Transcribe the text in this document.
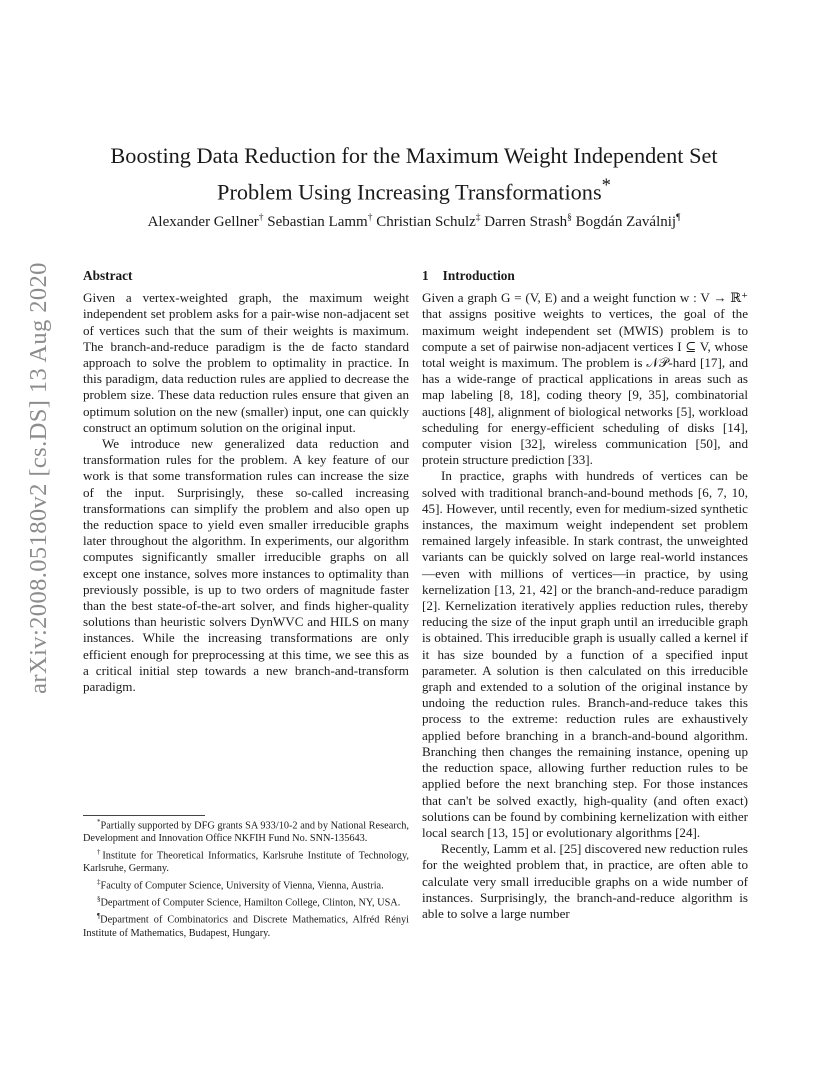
arXiv:2008.05180v2 [cs.DS] 13 Aug 2020
Boosting Data Reduction for the Maximum Weight Independent Set
Problem Using Increasing Transformations*
Alexander Gellner† Sebastian Lamm† Christian Schulz‡ Darren Strash§ Bogdán Zaválnij¶
Abstract

Given a vertex-weighted graph, the maximum weight independent set problem asks for a pair-wise non-adjacent set of vertices such that the sum of their weights is maximum. The branch-and-reduce paradigm is the de facto standard approach to solve the problem to optimality in practice. In this paradigm, data reduction rules are applied to decrease the problem size. These data reduction rules ensure that given an optimum solution on the new (smaller) input, one can quickly construct an optimum solution on the original input.

We introduce new generalized data reduction and transformation rules for the problem. A key feature of our work is that some transformation rules can increase the size of the input. Surprisingly, these so-called increasing transformations can simplify the problem and also open up the reduction space to yield even smaller irreducible graphs later throughout the algorithm. In experiments, our algorithm computes significantly smaller irreducible graphs on all except one instance, solves more instances to optimality than previously possible, is up to two orders of magnitude faster than the best state-of-the-art solver, and finds higher-quality solutions than heuristic solvers DynWVC and HILS on many instances. While the increasing transformations are only efficient enough for preprocessing at this time, we see this as a critical initial step towards a new branch-and-transform paradigm.

1 Introduction

Given a graph G = (V, E) and a weight function w : V → ℝ⁺ that assigns positive weights to vertices, the goal of the maximum weight independent set (MWIS) problem is to compute a set of pairwise non-adjacent vertices I ⊆ V, whose total weight is maximum. The problem is 𝒩𝒫-hard [17], and has a wide-range of practical applications in areas such as map labeling [8, 18], coding theory [9, 35], combinatorial auctions [48], alignment of biological networks [5], workload scheduling for energy-efficient scheduling of disks [14], computer vision [32], wireless communication [50], and protein structure prediction [33].

In practice, graphs with hundreds of vertices can be solved with traditional branch-and-bound methods [6, 7, 10, 45]. However, until recently, even for medium-sized synthetic instances, the maximum weight independent set problem remained largely infeasible. In stark contrast, the unweighted variants can be quickly solved on large real-world instances—even with millions of vertices—in practice, by using kernelization [13, 21, 42] or the branch-and-reduce paradigm [2]. Kernelization iteratively applies reduction rules, thereby reducing the size of the input graph until an irreducible graph is obtained. This irreducible graph is usually called a kernel if it has size bounded by a function of a specified input parameter. A solution is then calculated on this irreducible graph and extended to a solution of the original instance by undoing the reduction rules. Branch-and-reduce takes this process to the extreme: reduction rules are exhaustively applied before branching in a branch-and-bound algorithm. Branching then changes the remaining instance, opening up the reduction space, allowing further reduction rules to be applied before the next branching step. For those instances that can't be solved exactly, high-quality (and often exact) solutions can be found by combining kernelization with either local search [13, 15] or evolutionary algorithms [24].

Recently, Lamm et al. [25] discovered new reduction rules for the weighted problem that, in practice, are often able to calculate very small irreducible graphs on a wide number of instances. Surprisingly, the branch-and-reduce algorithm is able to solve a large number

*Partially supported by DFG grants SA 933/10-2 and by National Research, Development and Innovation Office NKFIH Fund No. SNN-135643.

†Institute for Theoretical Informatics, Karlsruhe Institute of Technology, Karlsruhe, Germany.

‡Faculty of Computer Science, University of Vienna, Vienna, Austria.

§Department of Computer Science, Hamilton College, Clinton, NY, USA.

¶Department of Combinatorics and Discrete Mathematics, Alfréd Rényi Institute of Mathematics, Budapest, Hungary.
